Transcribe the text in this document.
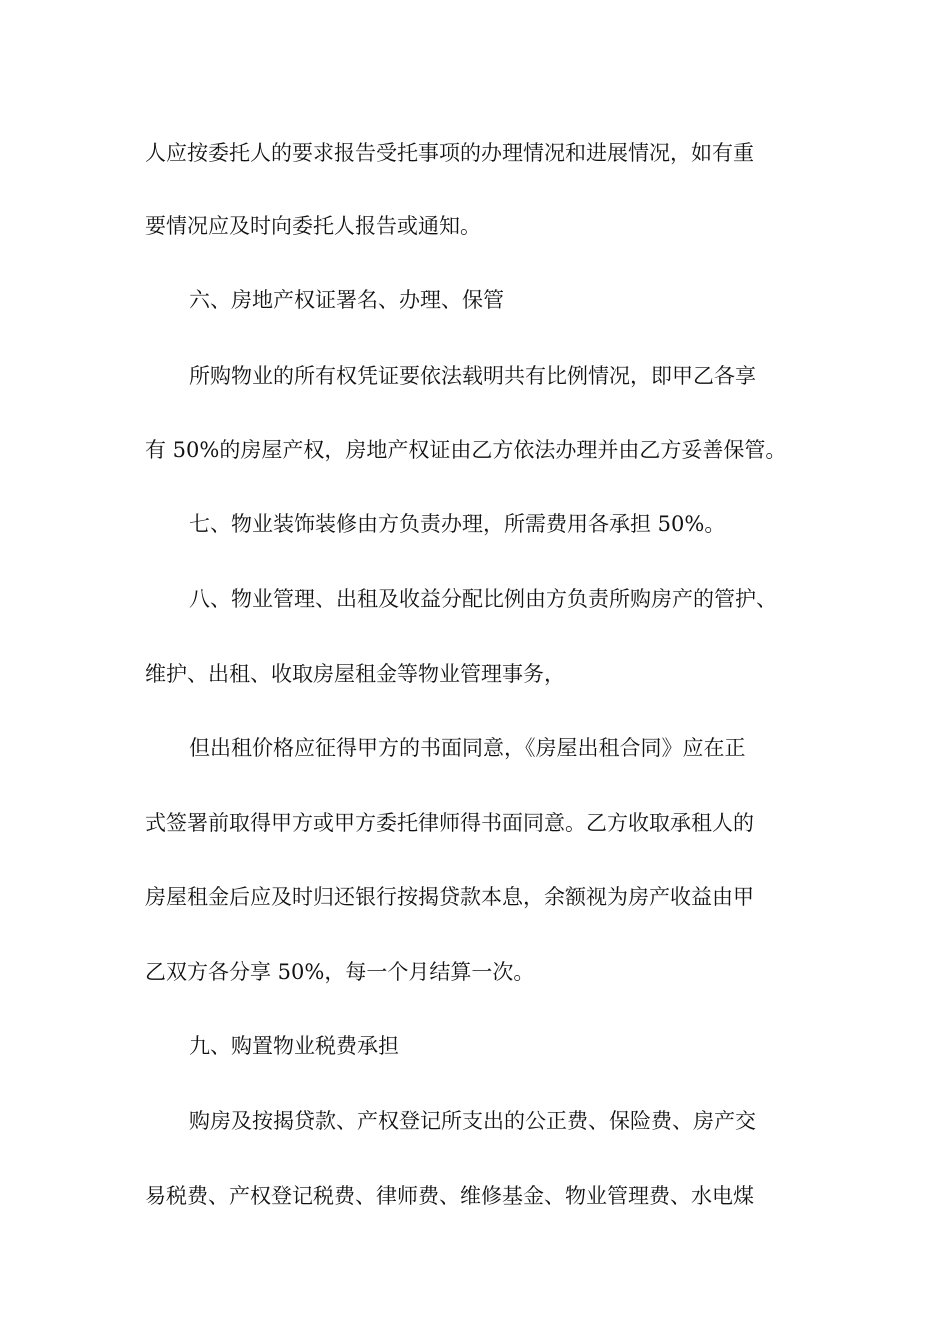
人应按委托人的要求报告受托事项的办理情况和进展情况，如有重

要情况应及时向委托人报告或通知。

六、房地产权证署名、办理、保管

所购物业的所有权凭证要依法载明共有比例情况，即甲乙各享

有 50%的房屋产权，房地产权证由乙方依法办理并由乙方妥善保管。

七、物业装饰装修由方负责办理，所需费用各承担 50%。

八、物业管理、出租及收益分配比例由方负责所购房产的管护、

维护、出租、收取房屋租金等物业管理事务，

但出租价格应征得甲方的书面同意，《房屋出租合同》应在正

式签署前取得甲方或甲方委托律师得书面同意。乙方收取承租人的

房屋租金后应及时归还银行按揭贷款本息，余额视为房产收益由甲

乙双方各分享 50%，每一个月结算一次。

九、购置物业税费承担

购房及按揭贷款、产权登记所支出的公正费、保险费、房产交

易税费、产权登记税费、律师费、维修基金、物业管理费、水电煤
